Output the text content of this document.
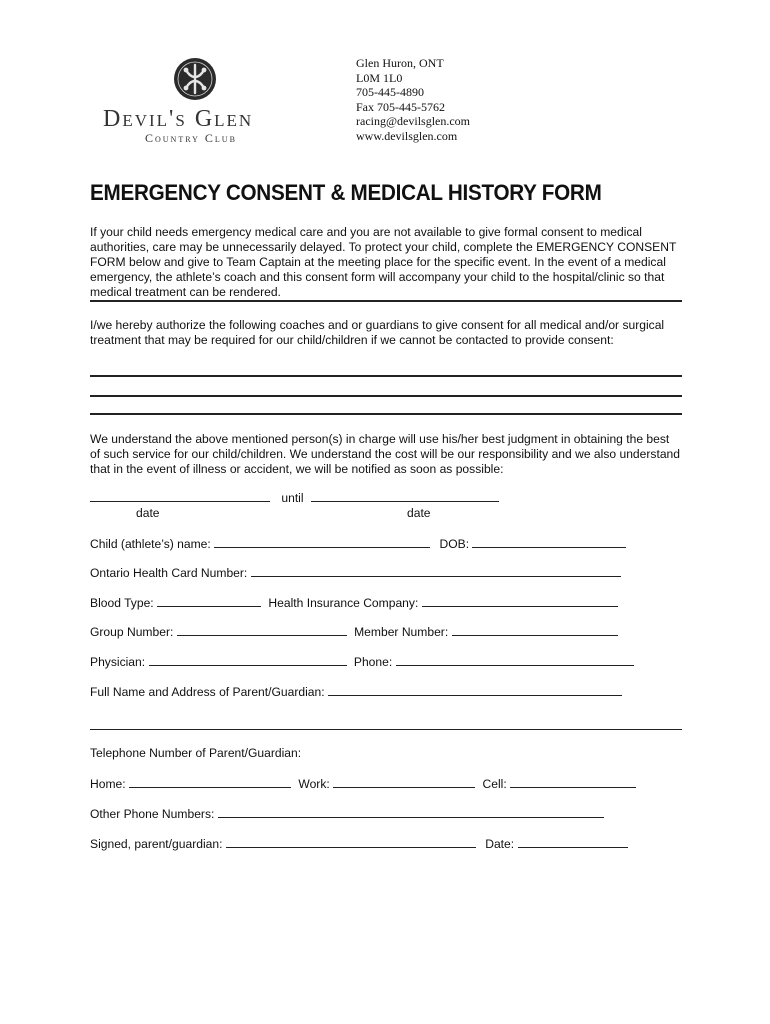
Devil's Glen
Country Club
Glen Huron, ONT
L0M 1L0
705-445-4890
Fax 705-445-5762
racing@devilsglen.com
www.devilsglen.com
EMERGENCY CONSENT & MEDICAL HISTORY FORM
If your child needs emergency medical care and you are not available to give formal consent to medical authorities, care may be unnecessarily delayed. To protect your child, complete the EMERGENCY CONSENT FORM below and give to Team Captain at the meeting place for the specific event. In the event of a medical emergency, the athlete’s coach and this consent form will accompany your child to the hospital/clinic so that medical treatment can be rendered.
I/we hereby authorize the following coaches and or guardians to give consent for all medical and/or surgical treatment that may be required for our child/children if we cannot be contacted to provide consent:
We understand the above mentioned person(s) in charge will use his/her best judgment in obtaining the best of such service for our child/children. We understand the cost will be our responsibility and we also understand that in the event of illness or accident, we will be notified as soon as possible:
until
date	date
Child (athlete’s) name:	DOB:
Ontario Health Card Number:
Blood Type:	Health Insurance Company:
Group Number:	Member Number:
Physician:	Phone:
Full Name and Address of Parent/Guardian:
Telephone Number of Parent/Guardian:
Home:	Work:	Cell:
Other Phone Numbers:
Signed, parent/guardian:	Date:
